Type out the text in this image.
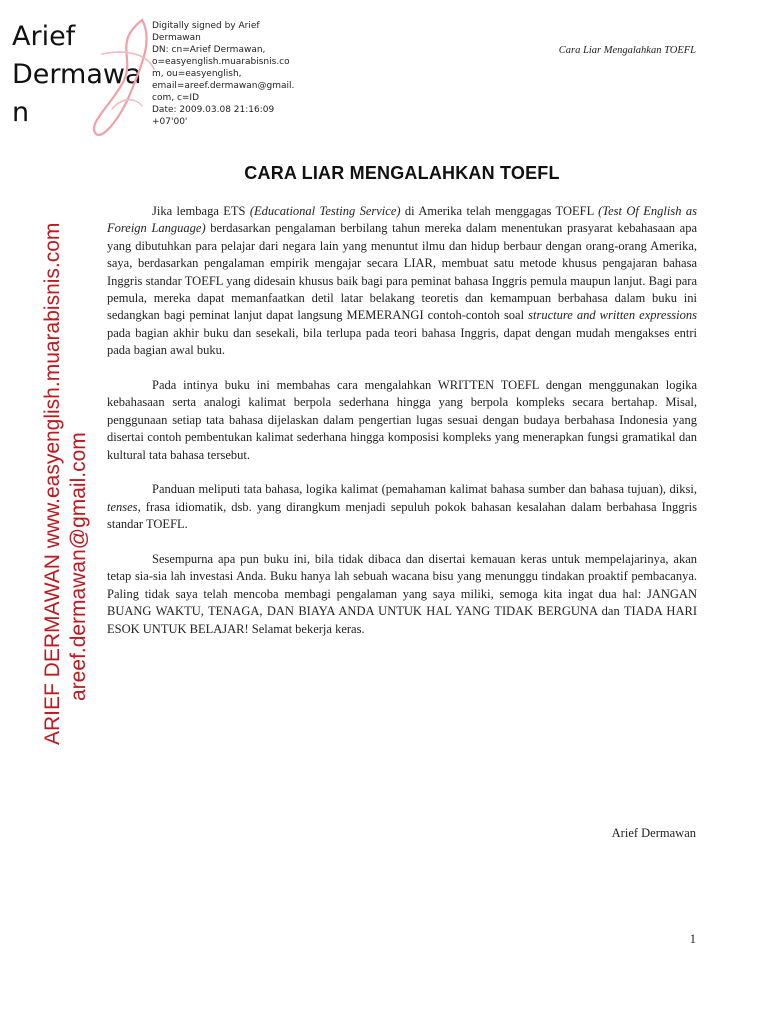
Arief
Dermawa
n
Digitally signed by Arief
Dermawan
DN: cn=Arief Dermawan,
o=easyenglish.muarabisnis.co
m, ou=easyenglish,
email=areef.dermawan@gmail.
com, c=ID
Date: 2009.03.08 21:16:09
+07'00'
Cara Liar Mengalahkan TOEFL
ARIEF DERMAWAN www.easyenglish.muarabisnis.com areef.dermawan@gmail.com
CARA LIAR MENGALAHKAN TOEFL

Jika lembaga ETS (Educational Testing Service) di Amerika telah menggagas TOEFL (Test Of English as Foreign Language) berdasarkan pengalaman berbilang tahun mereka dalam menentukan prasyarat kebahasaan apa yang dibutuhkan para pelajar dari negara lain yang menuntut ilmu dan hidup berbaur dengan orang-orang Amerika, saya, berdasarkan pengalaman empirik mengajar secara LIAR, membuat satu metode khusus pengajaran bahasa Inggris standar TOEFL yang didesain khusus baik bagi para peminat bahasa Inggris pemula maupun lanjut. Bagi para pemula, mereka dapat memanfaatkan detil latar belakang teoretis dan kemampuan berbahasa dalam buku ini sedangkan bagi peminat lanjut dapat langsung MEMERANGI contoh-contoh soal structure and written expressions pada bagian akhir buku dan sesekali, bila terlupa pada teori bahasa Inggris, dapat dengan mudah mengakses entri pada bagian awal buku.

Pada intinya buku ini membahas cara mengalahkan WRITTEN TOEFL dengan menggunakan logika kebahasaan serta analogi kalimat berpola sederhana hingga yang berpola kompleks secara bertahap. Misal, penggunaan setiap tata bahasa dijelaskan dalam pengertian lugas sesuai dengan budaya berbahasa Indonesia yang disertai contoh pembentukan kalimat sederhana hingga komposisi kompleks yang menerapkan fungsi gramatikal dan kultural tata bahasa tersebut.

Panduan meliputi tata bahasa, logika kalimat (pemahaman kalimat bahasa sumber dan bahasa tujuan), diksi, tenses, frasa idiomatik, dsb. yang dirangkum menjadi sepuluh pokok bahasan kesalahan dalam berbahasa Inggris standar TOEFL.

Sesempurna apa pun buku ini, bila tidak dibaca dan disertai kemauan keras untuk mempelajarinya, akan tetap sia-sia lah investasi Anda. Buku hanya lah sebuah wacana bisu yang menunggu tindakan proaktif pembacanya. Paling tidak saya telah mencoba membagi pengalaman yang saya miliki, semoga kita ingat dua hal: JANGAN BUANG WAKTU, TENAGA, DAN BIAYA ANDA UNTUK HAL YANG TIDAK BERGUNA dan TIADA HARI ESOK UNTUK BELAJAR! Selamat bekerja keras.

Arief Dermawan
1
